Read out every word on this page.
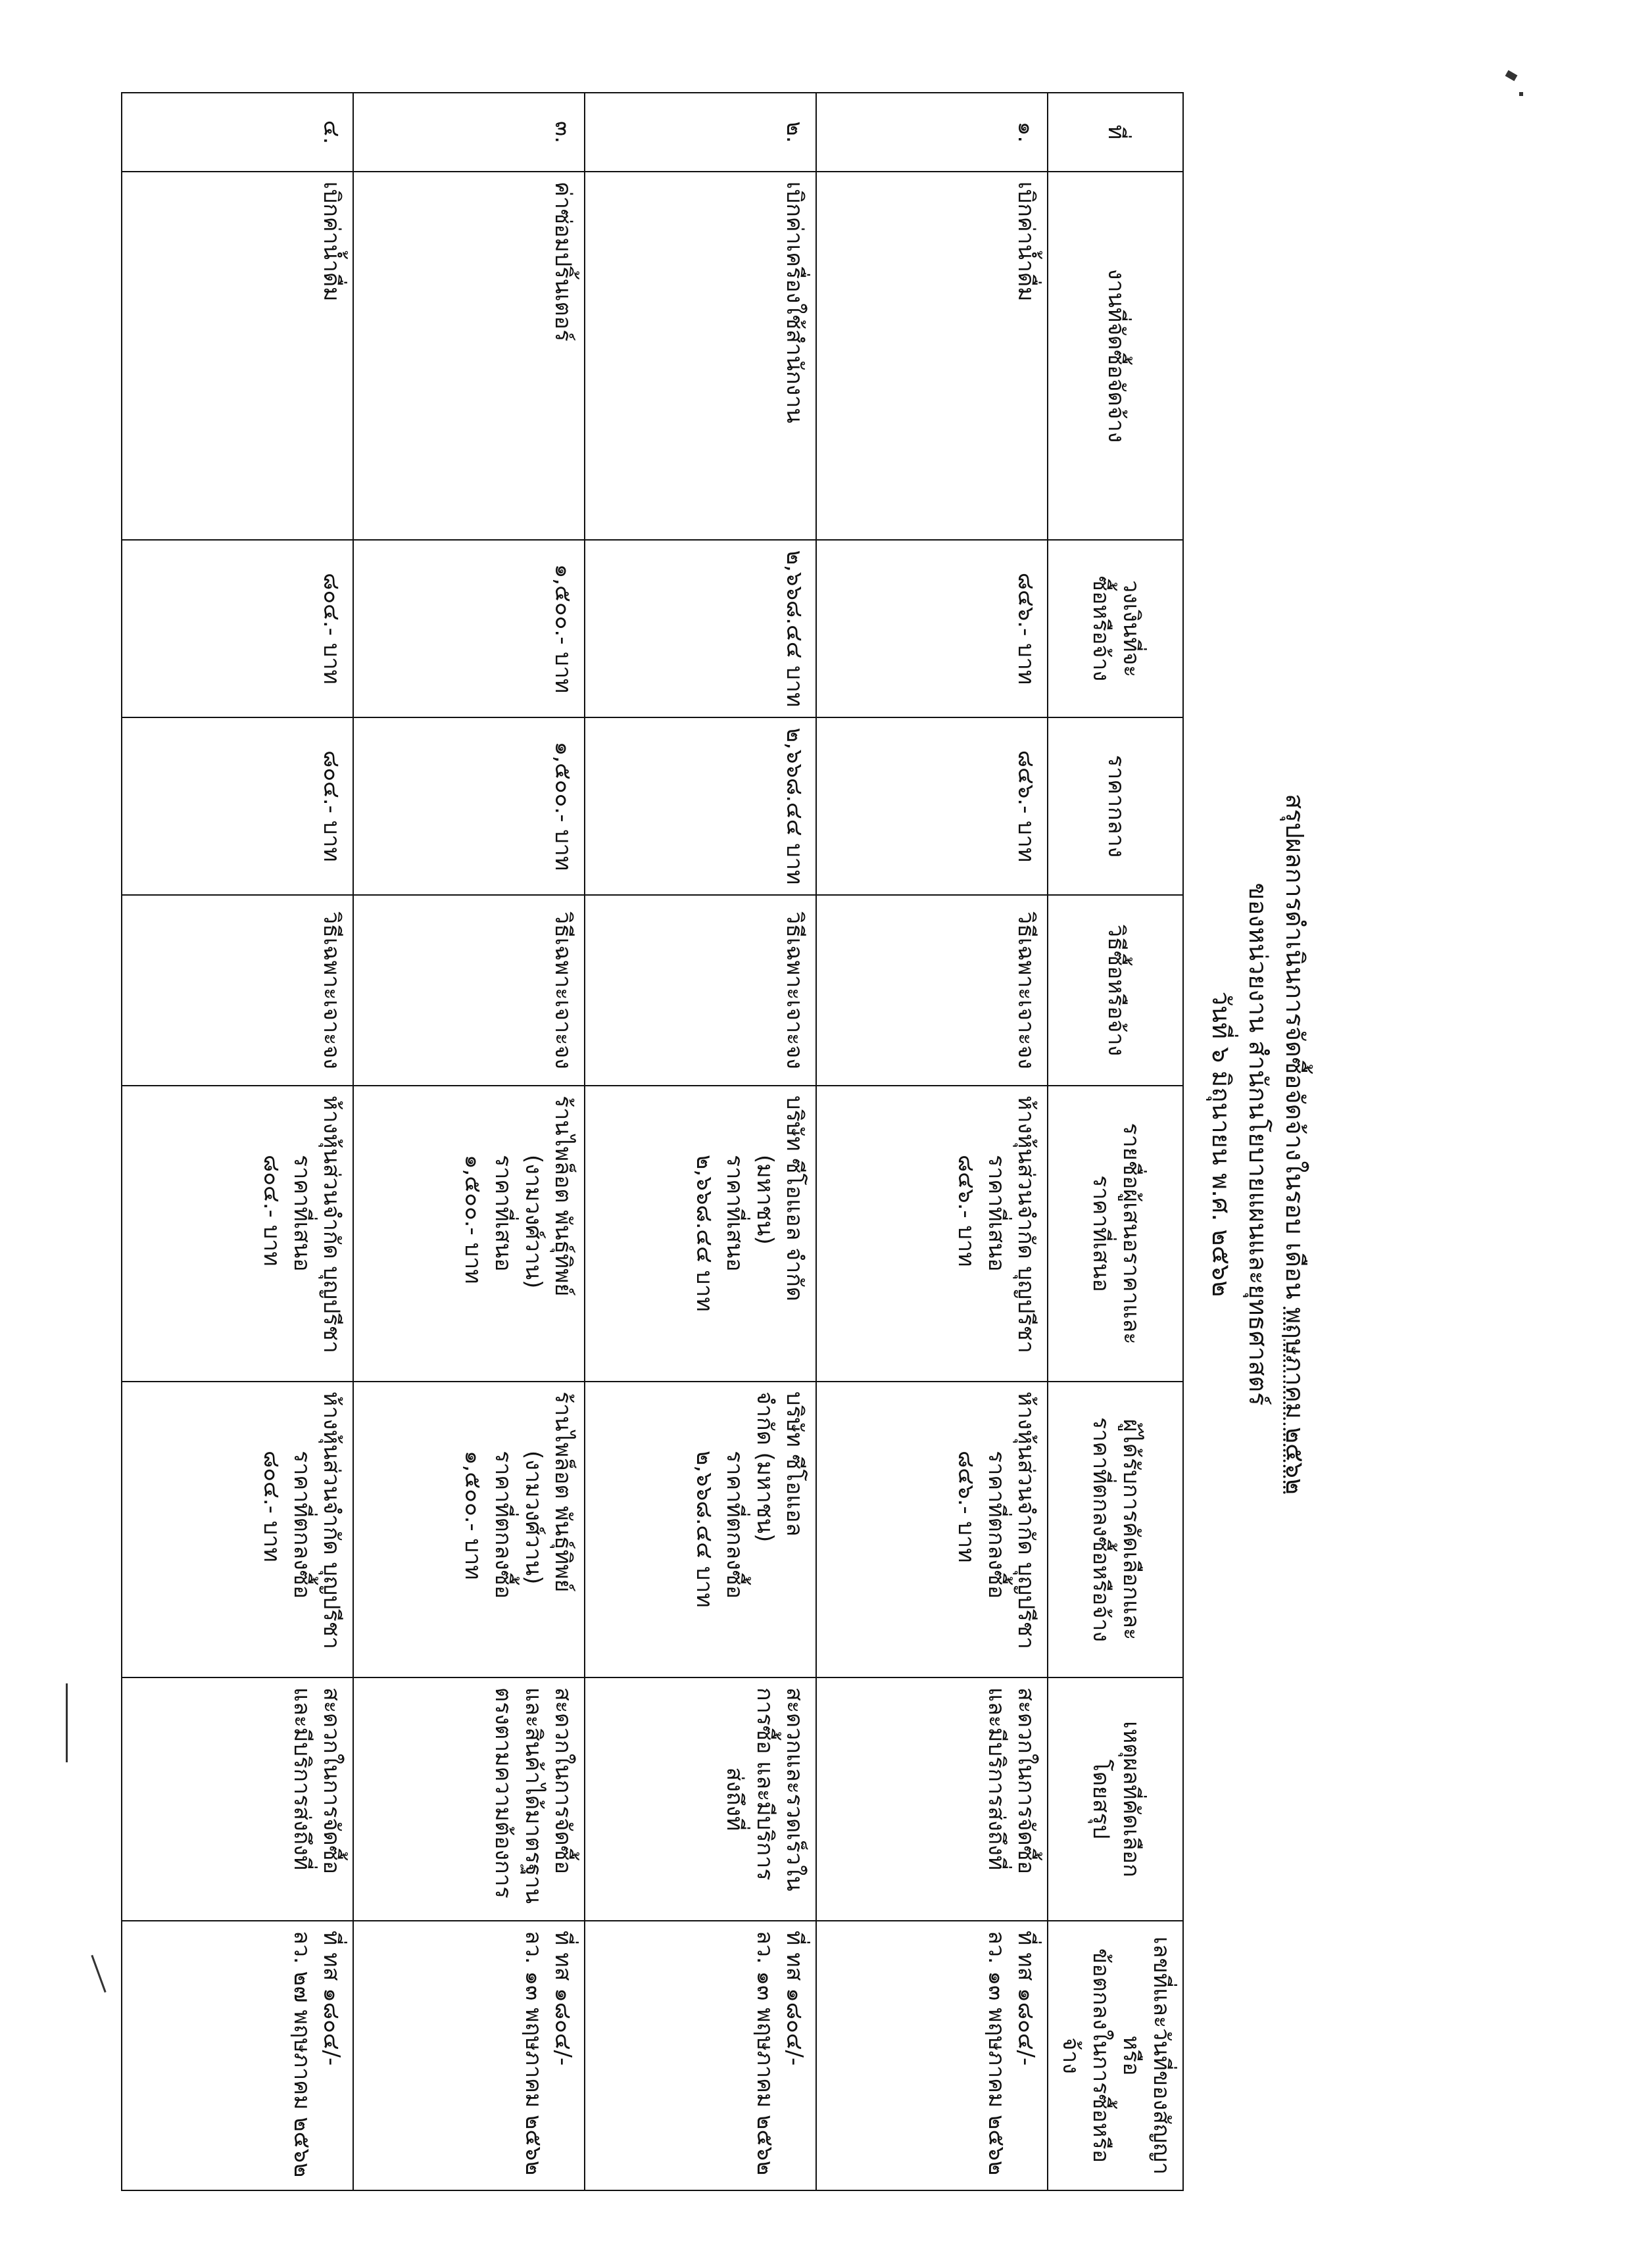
สรุปผลการดำเนินการจัดซื้อจัดจ้างในรอบ เดือน พฤษภาคม ๒๕๖๒
ของหน่วยงาน สำนักนโยบายแผนและยุทธศาสตร์
วันที่ ๖ มิถุนายน พ.ศ. ๒๕๖๒
ที่	งานที่จัดซื้อจัดจ้าง	วงเงินที่จะ
ซื้อหรือจ้าง	ราคากลาง	วิธีซื้อหรือจ้าง	รายชื่อผู้เสนอราคาและ
ราคาที่เสนอ	ผู้ได้รับการคัดเลือกและ
ราคาที่ตกลงซื้อหรือจ้าง	เหตุผลที่คัดเลือก
โดยสรุป	เลขที่และวันที่ของสัญญาหรือ
ข้อตกลงในการซื้อหรือจ้าง

๑.	เบิกค่าน้ำดื่ม	๘๔๖.- บาท	๘๔๖.- บาท	วิธีเฉพาะเจาะจง	ห้างหุ้นส่วนจำกัด บุญปรีชา
ราคาที่เสนอ
๘๔๖.- บาท	ห้างหุ้นส่วนจำกัด บุญปรีชา
ราคาที่ตกลงซื้อ
๘๔๖.- บาท	สะดวกในการจัดซื้อ
และมีบริการส่งถึงที่	ที่ ทส ๑๘๐๔/-
ลว. ๑๓ พฤษภาคม ๒๕๖๒

๒.	เบิกค่าเครื่องใช้สำนักงาน	๒,๖๖๘.๔๔ บาท	๒,๖๖๘.๔๔ บาท	วิธีเฉพาะเจาะจง	บริษัท ซีโอแอล จำกัด
(มหาชน)
ราคาที่เสนอ
๒,๖๖๘.๔๔ บาท	บริษัท ซีโอแอล
จำกัด (มหาชน)
ราคาที่ตกลงซื้อ
๒,๖๖๘.๔๔ บาท	สะดวกและรวดเร็วใน
การซื้อ และมีบริการ
ส่งถึงที่	ที่ ทส ๑๘๐๔/-
ลว. ๑๓ พฤษภาคม ๒๕๖๒

๓.	ค่าซ่อมปริ้นเตอร์	๑,๕๐๐.- บาท	๑,๕๐๐.- บาท	วิธีเฉพาะเจาะจง	ร้านไพล็อต พันธุ์ทิพย์
(งามวงศ์วาน)
ราคาที่เสนอ
๑,๕๐๐.- บาท	ร้านไพล็อต พันธุ์ทิพย์
(งามวงศ์วาน)
ราคาที่ตกลงซื้อ
๑,๕๐๐.- บาท	สะดวกในการจัดซื้อ
และสินค้าได้มาตรฐาน
ตรงตามความต้องการ	ที่ ทส ๑๘๐๔/-
ลว. ๑๓ พฤษภาคม ๒๕๖๒

๔.	เบิกค่าน้ำดื่ม	๘๐๔.- บาท	๘๐๔.- บาท	วิธีเฉพาะเจาะจง	ห้างหุ้นส่วนจำกัด บุญปรีชา
ราคาที่เสนอ
๘๐๔.- บาท	ห้างหุ้นส่วนจำกัด บุญปรีชา
ราคาที่ตกลงซื้อ
๘๐๔.- บาท	สะดวกในการจัดซื้อ
และมีบริการส่งถึงที่	ที่ ทส ๑๘๐๔/-
ลว. ๒๗ พฤษภาคม ๒๕๖๒
